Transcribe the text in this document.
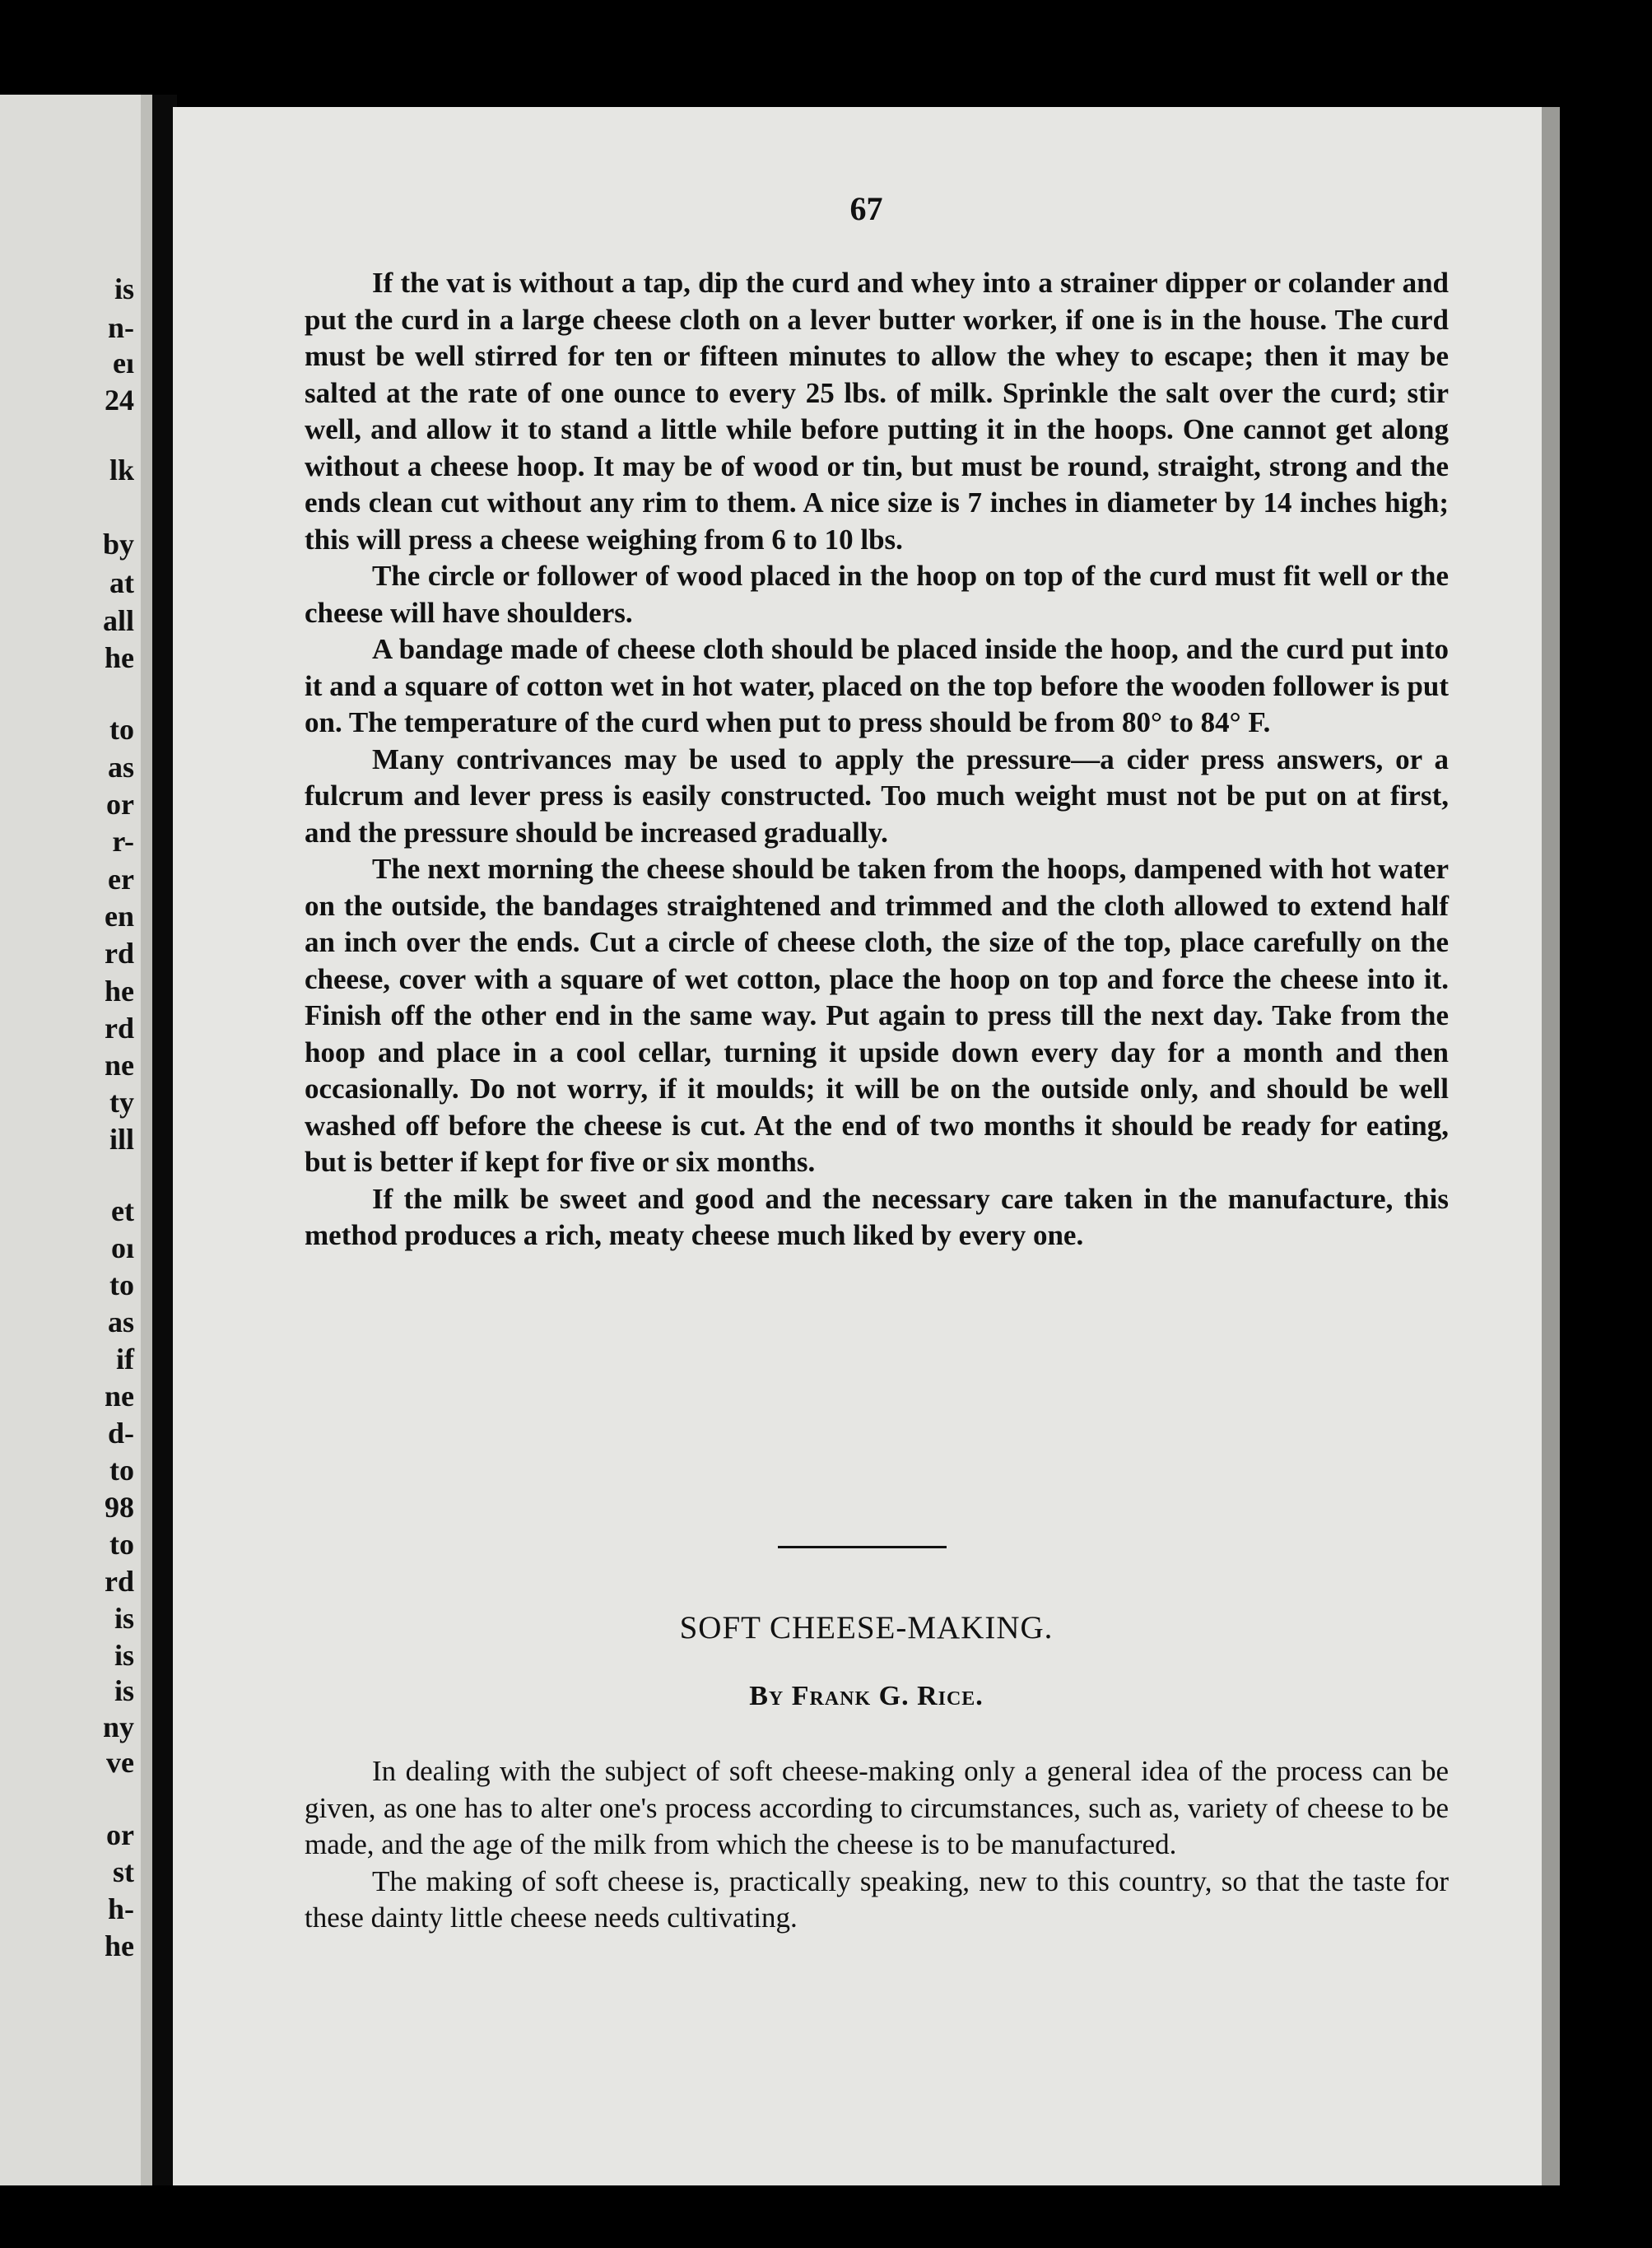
is
n-
eı
24
lk
by
at
all
he
to
as
or
r-
er
en
rd
he
rd
ne
ty
ill
et
oı
to
as
if
ne
d-
to
98
to
rd
is
is
is
ny
ve
or
st
h-
he
67

If the vat is without a tap, dip the curd and whey into a strainer dipper or colander and put the curd in a large cheese cloth on a lever butter worker, if one is in the house. The curd must be well stirred for ten or fifteen minutes to allow the whey to escape; then it may be salted at the rate of one ounce to every 25 lbs. of milk. Sprinkle the salt over the curd; stir well, and allow it to stand a little while before putting it in the hoops. One cannot get along without a cheese hoop. It may be of wood or tin, but must be round, straight, strong and the ends clean cut without any rim to them. A nice size is 7 inches in diameter by 14 inches high; this will press a cheese weighing from 6 to 10 lbs.

The circle or follower of wood placed in the hoop on top of the curd must fit well or the cheese will have shoulders.

A bandage made of cheese cloth should be placed inside the hoop, and the curd put into it and a square of cotton wet in hot water, placed on the top before the wooden follower is put on. The temperature of the curd when put to press should be from 80° to 84° F.

Many contrivances may be used to apply the pressure—a cider press answers, or a fulcrum and lever press is easily constructed. Too much weight must not be put on at first, and the pressure should be increased gradually.

The next morning the cheese should be taken from the hoops, dampened with hot water on the outside, the bandages straightened and trimmed and the cloth allowed to extend half an inch over the ends. Cut a circle of cheese cloth, the size of the top, place carefully on the cheese, cover with a square of wet cotton, place the hoop on top and force the cheese into it. Finish off the other end in the same way. Put again to press till the next day. Take from the hoop and place in a cool cellar, turning it upside down every day for a month and then occasionally. Do not worry, if it moulds; it will be on the outside only, and should be well washed off before the cheese is cut. At the end of two months it should be ready for eating, but is better if kept for five or six months.

If the milk be sweet and good and the necessary care taken in the manufacture, this method produces a rich, meaty cheese much liked by every one.

SOFT CHEESE-MAKING.
By Frank G. Rice.

In dealing with the subject of soft cheese-making only a general idea of the process can be given, as one has to alter one's process according to circumstances, such as, variety of cheese to be made, and the age of the milk from which the cheese is to be manufactured.

The making of soft cheese is, practically speaking, new to this country, so that the taste for these dainty little cheese needs cultivating.
